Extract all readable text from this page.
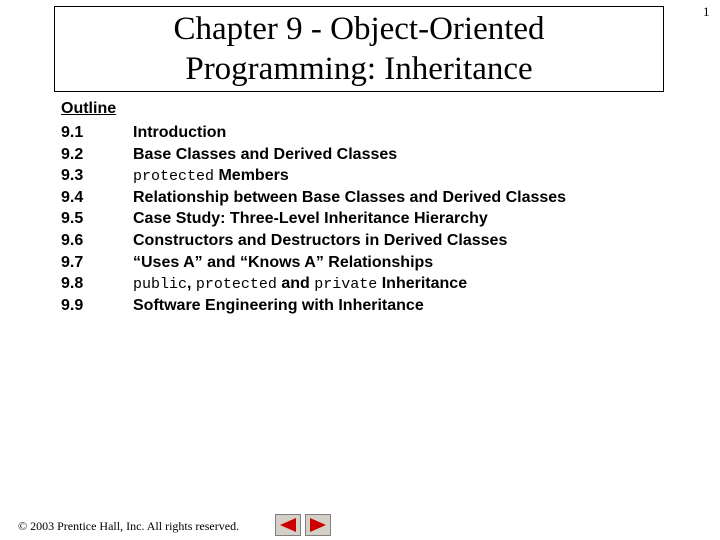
Chapter 9 - Object-Oriented
Programming: Inheritance
1
Outline
9.1	Introduction
9.2	Base Classes and Derived Classes
9.3	protected Members
9.4	Relationship between Base Classes and Derived Classes
9.5	Case Study: Three-Level Inheritance Hierarchy
9.6	Constructors and Destructors in Derived Classes
9.7	“Uses A” and “Knows A” Relationships
9.8	public, protected and private Inheritance
9.9	Software Engineering with Inheritance
© 2003 Prentice Hall, Inc. All rights reserved.
